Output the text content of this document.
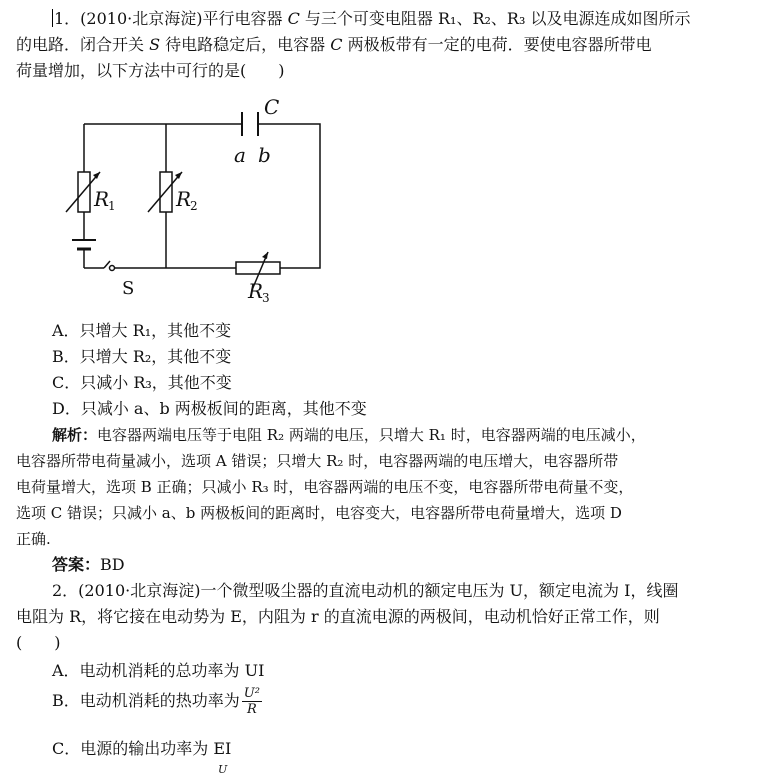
1．(2010·北京海淀)平行电容器 C 与三个可变电阻器 R₁、R₂、R₃ 以及电源连成如图所示
的电路．闭合开关 S 待电路稳定后，电容器 C 两极板带有一定的电荷．要使电容器所带电
荷量增加，以下方法中可行的是(　　)
C
a b
R	R
R
1	2
3
S
A．只增大 R₁，其他不变
B．只增大 R₂，其他不变
C．只减小 R₃，其他不变
D．只减小 a、b 两极板间的距离，其他不变
解析：电容器两端电压等于电阻 R₂ 两端的电压，只增大 R₁ 时，电容器两端的电压减小，
电容器所带电荷量减小，选项 A 错误；只增大 R₂ 时，电容器两端的电压增大，电容器所带
电荷量增大，选项 B 正确；只减小 R₃ 时，电容器两端的电压不变，电容器所带电荷量不变，
选项 C 错误；只减小 a、b 两极板间的距离时，电容变大，电容器所带电荷量增大，选项 D
正确.
答案：BD
2．(2010·北京海淀)一个微型吸尘器的直流电动机的额定电压为 U，额定电流为 I，线圈
电阻为 R，将它接在电动势为 E，内阻为 r 的直流电源的两极间，电动机恰好正常工作，则
(　　)
A．电动机消耗的总功率为 UI
B．电动机消耗的热功率为 $\frac{\text{U²}}{R}$
C．电源的输出功率为 EI
U
